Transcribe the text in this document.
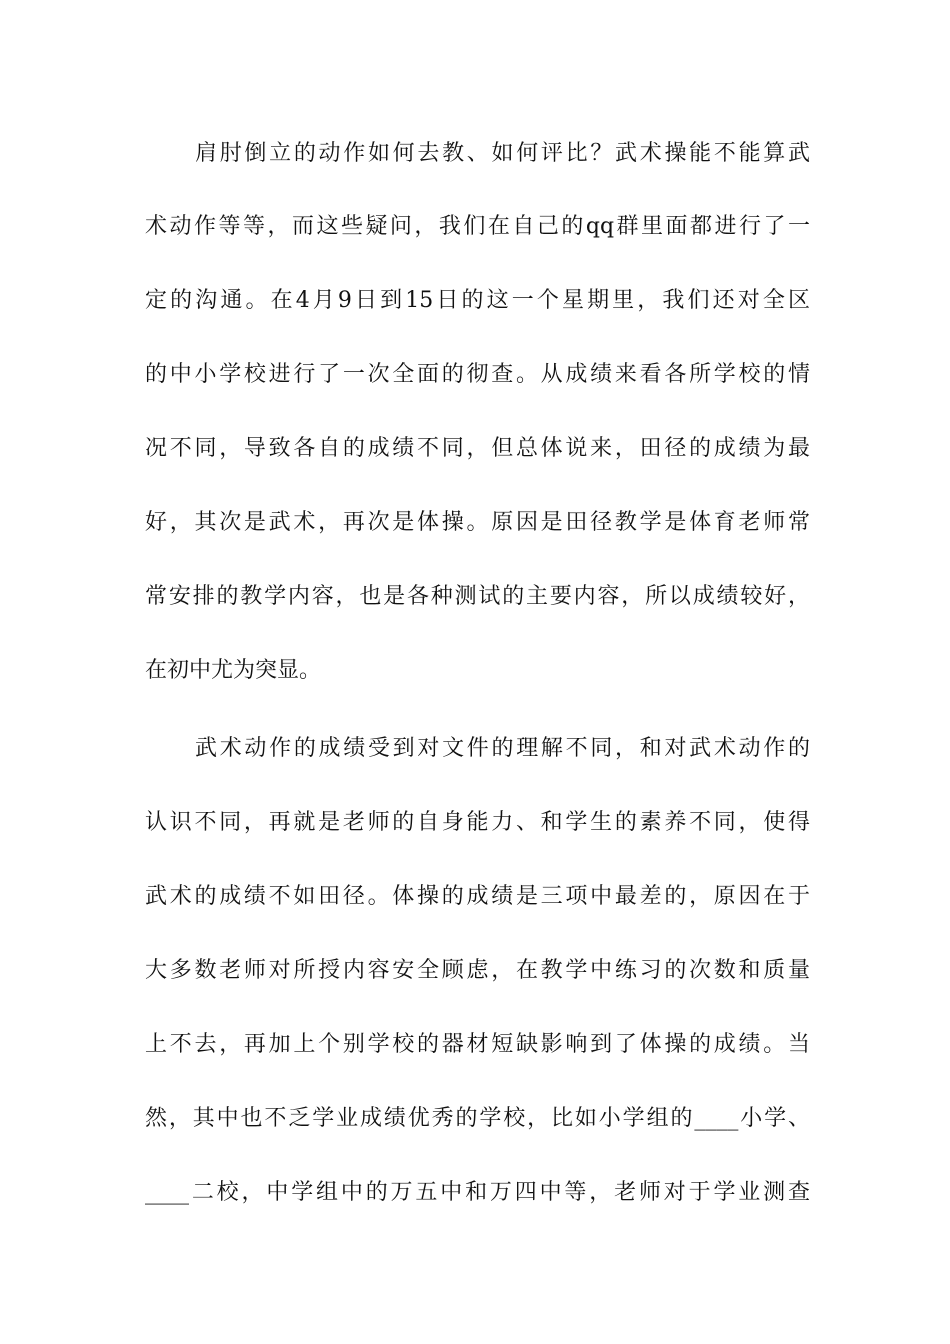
肩肘倒立的动作如何去教、如何评比？武术操能不能算武
术动作等等，而这些疑问，我们在自己的qq群里面都进行了一
定的沟通。在4月9日到15日的这一个星期里，我们还对全区
的中小学校进行了一次全面的彻查。从成绩来看各所学校的情
况不同，导致各自的成绩不同，但总体说来，田径的成绩为最
好，其次是武术，再次是体操。原因是田径教学是体育老师常
常安排的教学内容，也是各种测试的主要内容，所以成绩较好，
在初中尤为突显。
武术动作的成绩受到对文件的理解不同，和对武术动作的
认识不同，再就是老师的自身能力、和学生的素养不同，使得
武术的成绩不如田径。体操的成绩是三项中最差的，原因在于
大多数老师对所授内容安全顾虑，在教学中练习的次数和质量
上不去，再加上个别学校的器材短缺影响到了体操的成绩。当
然，其中也不乏学业成绩优秀的学校，比如小学组的____小学、
____二校，中学组中的万五中和万四中等，老师对于学业测查
